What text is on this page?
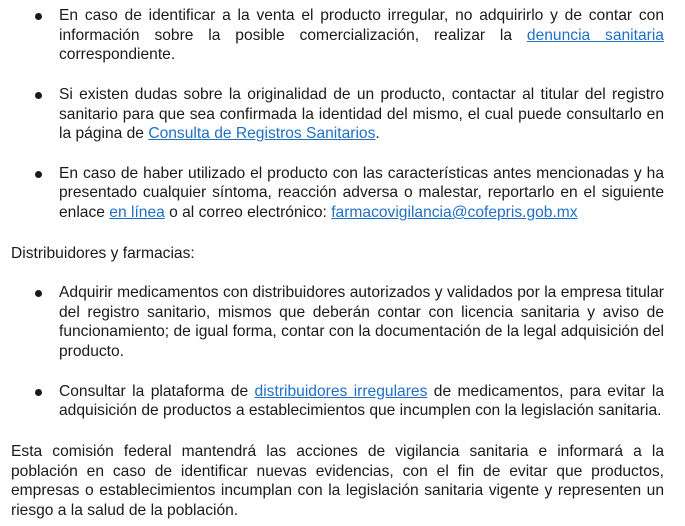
En caso de identificar a la venta el producto irregular, no adquirirlo y de contar con información sobre la posible comercialización, realizar la denuncia sanitaria correspondiente.
Si existen dudas sobre la originalidad de un producto, contactar al titular del registro sanitario para que sea confirmada la identidad del mismo, el cual puede consultarlo en la página de Consulta de Registros Sanitarios.
En caso de haber utilizado el producto con las características antes mencionadas y ha presentado cualquier síntoma, reacción adversa o malestar, reportarlo en el siguiente enlace en línea o al correo electrónico: farmacovigilancia@cofepris.gob.mx

Distribuidores y farmacias:

Adquirir medicamentos con distribuidores autorizados y validados por la empresa titular del registro sanitario, mismos que deberán contar con licencia sanitaria y aviso de funcionamiento; de igual forma, contar con la documentación de la legal adquisición del producto.
Consultar la plataforma de distribuidores irregulares de medicamentos, para evitar la adquisición de productos a establecimientos que incumplen con la legislación sanitaria.

Esta comisión federal mantendrá las acciones de vigilancia sanitaria e informará a la población en caso de identificar nuevas evidencias, con el fin de evitar que productos, empresas o establecimientos incumplan con la legislación sanitaria vigente y representen un riesgo a la salud de la población.
